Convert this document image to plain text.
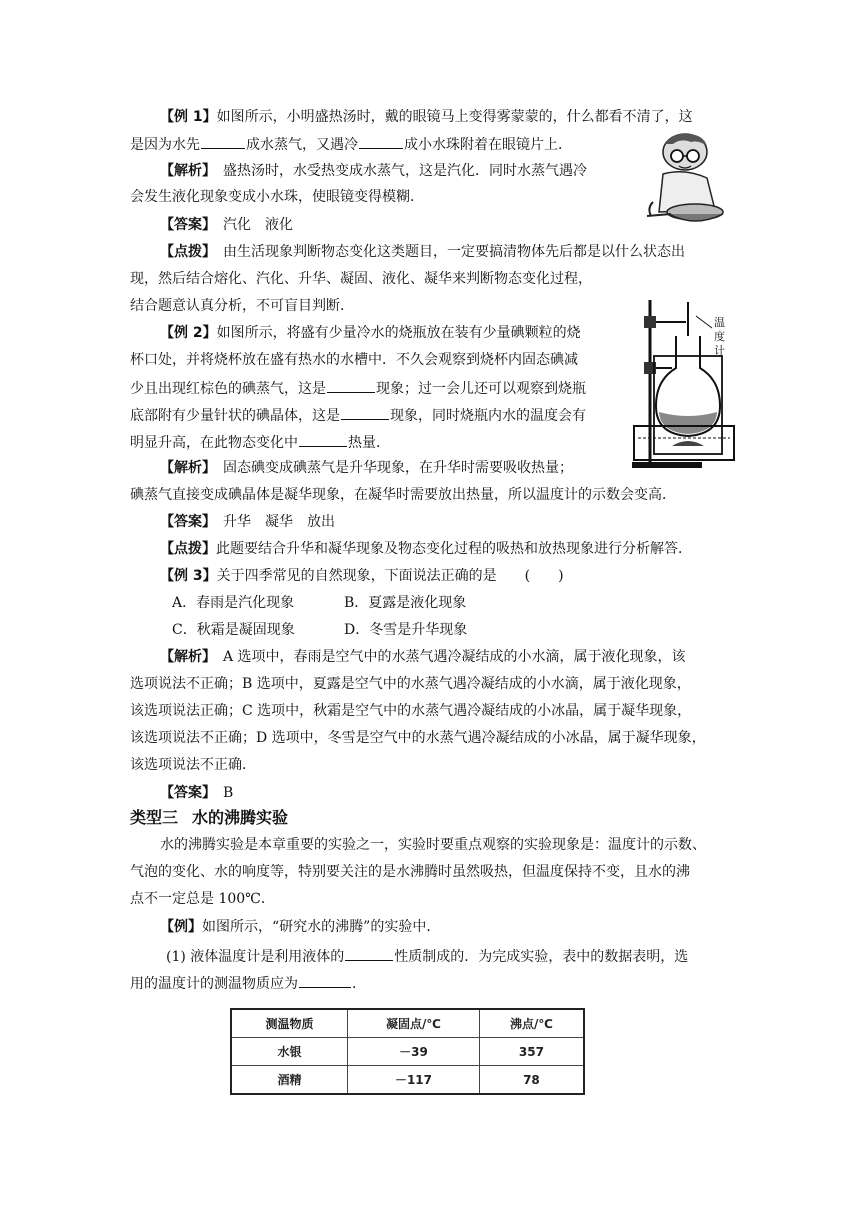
【例 1】如图所示，小明盛热汤时，戴的眼镜马上变得雾蒙蒙的，什么都看不清了，这
是因为水先	成水蒸气，又遇冷	成小水珠附着在眼镜片上．
【解析】　盛热汤时，水受热变成水蒸气，这是汽化．同时水蒸气遇冷
会发生液化现象变成小水珠，使眼镜变得模糊．
【答案】　汽化　液化
【点拨】　由生活现象判断物态变化这类题目，一定要搞清物体先后都是以什么状态出
现，然后结合熔化、汽化、升华、凝固、液化、凝华来判断物态变化过程，
结合题意认真分析，不可盲目判断．
【例 2】如图所示，将盛有少量冷水的烧瓶放在装有少量碘颗粒的烧
杯口处，并将烧杯放在盛有热水的水槽中．不久会观察到烧杯内固态碘减
少且出现红棕色的碘蒸气，这是	现象；过一会儿还可以观察到烧瓶
底部附有少量针状的碘晶体，这是	现象，同时烧瓶内水的温度会有
明显升高，在此物态变化中	热量．
【解析】　固态碘变成碘蒸气是升华现象，在升华时需要吸收热量；
碘蒸气直接变成碘晶体是凝华现象，在凝华时需要放出热量，所以温度计的示数会变高．
【答案】　升华　凝华　放出
【点拨】此题要结合升华和凝华现象及物态变化过程的吸热和放热现象进行分析解答．
温
度
计
【例 3】关于四季常见的自然现象，下面说法正确的是　　(　　)
A．春雨是汽化现象	B．夏露是液化现象
C．秋霜是凝固现象	D．冬雪是升华现象
【解析】　A 选项中，春雨是空气中的水蒸气遇冷凝结成的小水滴，属于液化现象，该
选项说法不正确；B 选项中，夏露是空气中的水蒸气遇冷凝结成的小水滴，属于液化现象，
该选项说法正确；C 选项中，秋霜是空气中的水蒸气遇冷凝结成的小冰晶，属于凝华现象，
该选项说法不正确；D 选项中，冬雪是空气中的水蒸气遇冷凝结成的小冰晶，属于凝华现象，
该选项说法不正确．
【答案】　B
类型三 水的沸腾实验
水的沸腾实验是本章重要的实验之一，实验时要重点观察的实验现象是：温度计的示数、
气泡的变化、水的响度等，特别要关注的是水沸腾时虽然吸热，但温度保持不变，且水的沸
点不一定总是 100℃．
【例】如图所示，“研究水的沸腾”的实验中．
(1) 液体温度计是利用液体的	性质制成的．为完成实验，表中的数据表明，选
用的温度计的测温物质应为	．
测温物质	凝固点/℃	沸点/℃
水银	－39	357
酒精	－117	78
